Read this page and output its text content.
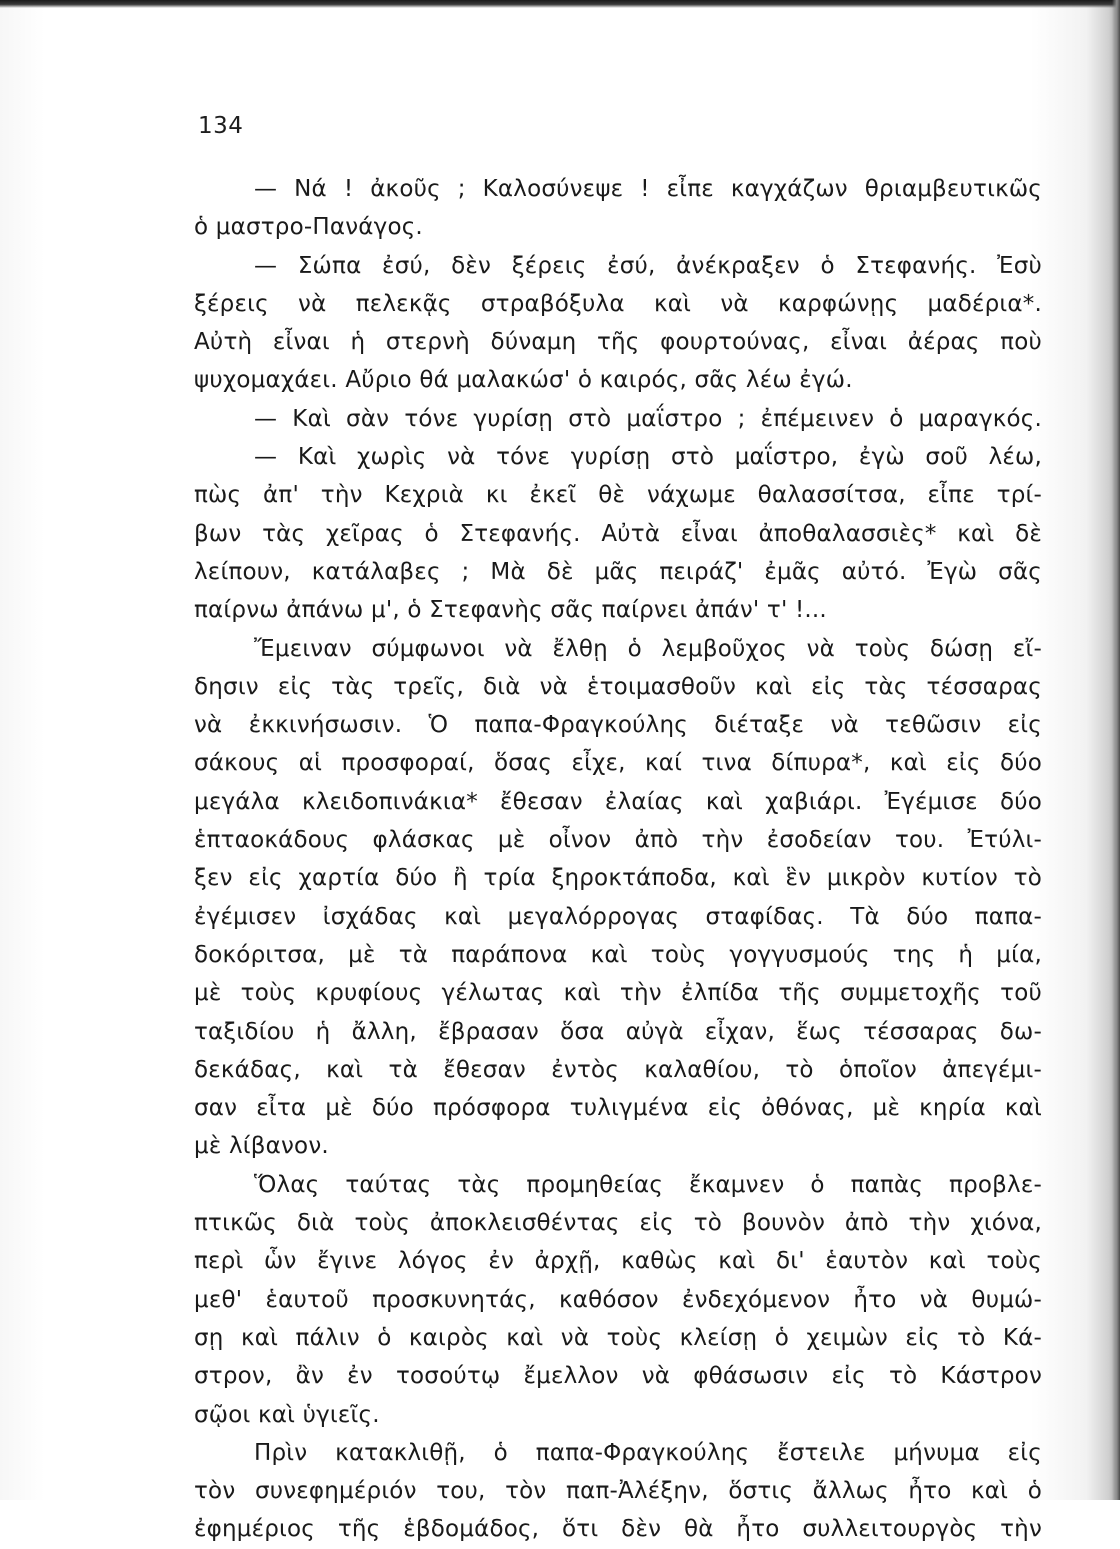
134
— Νά ! ἀκοῦς ; Καλοσύνεψε ! εἶπε καγχάζων θριαμβευτικῶς
ὁ μαστρο-Πανάγος.
— Σώπα ἐσύ, δὲν ξέρεις ἐσύ, ἀνέκραξεν ὁ Στεφανής. Ἐσὺ
ξέρεις νὰ πελεκᾷς στραβόξυλα καὶ νὰ καρφώνῃς μαδέρια*.
Αὐτὴ εἶναι ἡ στερνὴ δύναμη τῆς φουρτούνας, εἶναι ἀέρας ποὺ
ψυχομαχάει. Αὔριο θά μαλακώσ' ὁ καιρός, σᾶς λέω ἐγώ.
— Καὶ σὰν τόνε γυρίσῃ στὸ μαΐστρο ; ἐπέμεινεν ὁ μαραγκός.
— Καὶ χωρὶς νὰ τόνε γυρίσῃ στὸ μαΐστρο, ἐγὼ σοῦ λέω,
πὼς ἀπ' τὴν Κεχριὰ κι ἐκεῖ θὲ νάχωμε θαλασσίτσα, εἶπε τρί-
βων τὰς χεῖρας ὁ Στεφανής. Αὐτὰ εἶναι ἀποθαλασσιὲς* καὶ δὲ
λείπουν, κατάλαβες ; Μὰ δὲ μᾶς πειράζ' ἐμᾶς αὐτό. Ἐγὼ σᾶς
παίρνω ἀπάνω μ', ὁ Στεφανὴς σᾶς παίρνει ἀπάν' τ' !...
Ἔμειναν σύμφωνοι νὰ ἔλθῃ ὁ λεμβοῦχος νὰ τοὺς δώσῃ εἴ-
δησιν εἰς τὰς τρεῖς, διὰ νὰ ἑτοιμασθοῦν καὶ εἰς τὰς τέσσαρας
νὰ ἐκκινήσωσιν. Ὁ παπα-Φραγκούλης διέταξε νὰ τεθῶσιν εἰς
σάκους αἱ προσφοραί, ὅσας εἶχε, καί τινα δίπυρα*, καὶ εἰς δύο
μεγάλα κλειδοπινάκια* ἔθεσαν ἐλαίας καὶ χαβιάρι. Ἐγέμισε δύο
ἑπταοκάδους φλάσκας μὲ οἶνον ἀπὸ τὴν ἐσοδείαν του. Ἐτύλι-
ξεν εἰς χαρτία δύο ἢ τρία ξηροκτάποδα, καὶ ἓν μικρὸν κυτίον τὸ
ἐγέμισεν ἰσχάδας καὶ μεγαλόρρογας σταφίδας. Τὰ δύο παπα-
δοκόριτσα, μὲ τὰ παράπονα καὶ τοὺς γογγυσμούς της ἡ μία,
μὲ τοὺς κρυφίους γέλωτας καὶ τὴν ἐλπίδα τῆς συμμετοχῆς τοῦ
ταξιδίου ἡ ἄλλη, ἔβρασαν ὅσα αὐγὰ εἶχαν, ἕως τέσσαρας δω-
δεκάδας, καὶ τὰ ἔθεσαν ἐντὸς καλαθίου, τὸ ὁποῖον ἀπεγέμι-
σαν εἶτα μὲ δύο πρόσφορα τυλιγμένα εἰς ὀθόνας, μὲ κηρία καὶ
μὲ λίβανον.
Ὅλας ταύτας τὰς προμηθείας ἔκαμνεν ὁ παπὰς προβλε-
πτικῶς διὰ τοὺς ἀποκλεισθέντας εἰς τὸ βουνὸν ἀπὸ τὴν χιόνα,
περὶ ὧν ἔγινε λόγος ἐν ἀρχῇ, καθὼς καὶ δι' ἑαυτὸν καὶ τοὺς
μεθ' ἑαυτοῦ προσκυνητάς, καθόσον ἐνδεχόμενον ἦτο νὰ θυμώ-
σῃ καὶ πάλιν ὁ καιρὸς καὶ νὰ τοὺς κλείσῃ ὁ χειμὼν εἰς τὸ Κά-
στρον, ἂν ἐν τοσούτῳ ἔμελλον νὰ φθάσωσιν εἰς τὸ Κάστρον
σῷοι καὶ ὑγιεῖς.
Πρὶν κατακλιθῇ, ὁ παπα-Φραγκούλης ἔστειλε μήνυμα εἰς
τὸν συνεφημέριόν του, τὸν παπ-Ἀλέξην, ὅστις ἄλλως ἦτο καὶ ὁ
ἐφημέριος τῆς ἑβδομάδος, ὅτι δὲν θὰ ἦτο συλλειτουργὸς τὴν
